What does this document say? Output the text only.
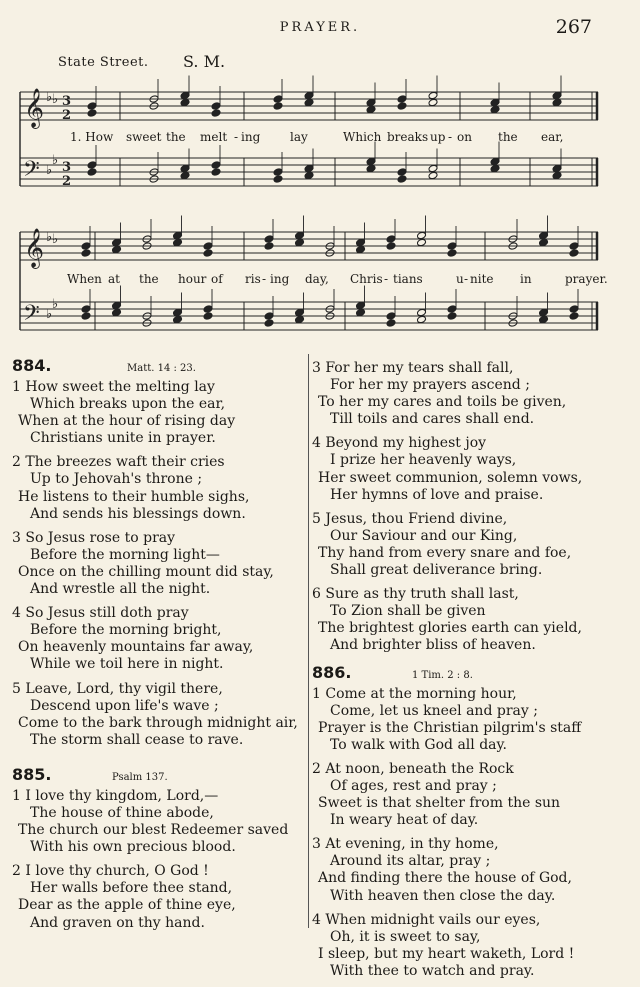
PRAYER.	267
State Street. S. M.
𝄞
𝄢
♭ ♭
♭
♭
3
2
3
2
𝄞
𝄢
♭ ♭
♭
♭
1. How sweet the melt - ing lay	Which breaks up - on the ear,
When at the hour of ris - ing day, Chris - tians	u - nite in	prayer.
884.	Matt. 14 : 23.
1 How sweet the melting lay
Which breaks upon the ear,
When at the hour of rising day
Christians unite in prayer.
2 The breezes waft their cries
Up to Jehovah's throne ;
He listens to their humble sighs,
And sends his blessings down.
3 So Jesus rose to pray
Before the morning light—
Once on the chilling mount did stay,
And wrestle all the night.
4 So Jesus still doth pray
Before the morning bright,
On heavenly mountains far away,
While we toil here in night.
5 Leave, Lord, thy vigil there,
Descend upon life's wave ;
Come to the bark through midnight air,
The storm shall cease to rave.
885.	Psalm 137.
1 I love thy kingdom, Lord,—
The house of thine abode,
The church our blest Redeemer saved
With his own precious blood.
2 I love thy church, O God !
Her walls before thee stand,
Dear as the apple of thine eye,
And graven on thy hand.
3 For her my tears shall fall,
For her my prayers ascend ;
To her my cares and toils be given,
Till toils and cares shall end.
4 Beyond my highest joy
I prize her heavenly ways,
Her sweet communion, solemn vows,
Her hymns of love and praise.
5 Jesus, thou Friend divine,
Our Saviour and our King,
Thy hand from every snare and foe,
Shall great deliverance bring.
6 Sure as thy truth shall last,
To Zion shall be given
The brightest glories earth can yield,
And brighter bliss of heaven.
886.	1 Tim. 2 : 8.
1 Come at the morning hour,
Come, let us kneel and pray ;
Prayer is the Christian pilgrim's staff
To walk with God all day.
2 At noon, beneath the Rock
Of ages, rest and pray ;
Sweet is that shelter from the sun
In weary heat of day.
3 At evening, in thy home,
Around its altar, pray ;
And finding there the house of God,
With heaven then close the day.
4 When midnight vails our eyes,
Oh, it is sweet to say,
I sleep, but my heart waketh, Lord !
With thee to watch and pray.
